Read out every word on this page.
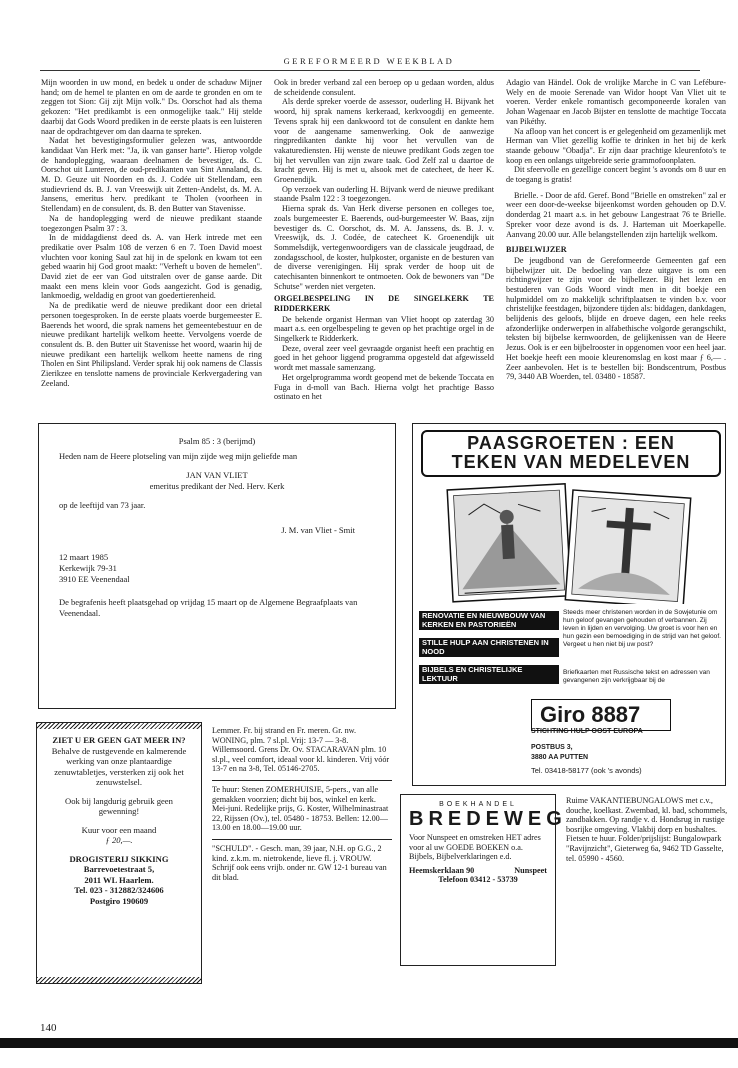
GEREFORMEERD WEEKBLAD

Mijn woorden in uw mond, en bedek u onder de schaduw Mijner hand; om de hemel te planten en om de aarde te gronden en om te zeggen tot Sion: Gij zijt Mijn volk." Ds. Oorschot had als thema gekozen: "Het predikambt is een onmogelijke taak." Hij stelde daarbij dat Gods Woord prediken in de eerste plaats is een luisteren naar de opdrachtgever om dan daarna te spreken.

Nadat het bevestigingsformulier gelezen was, antwoordde kandidaat Van Herk met: "Ja, ik van ganser harte". Hierop volgde de handoplegging, waaraan deelnamen de bevestiger, ds. C. Oorschot uit Lunteren, de oud-predikanten van Sint Annaland, ds. M. D. Geuze uit Noorden en ds. J. Codée uit Stellendam, een studievriend ds. B. J. van Vreeswijk uit Zetten-Andelst, ds. M. A. Jansens, emeritus herv. predikant te Tholen (voorheen in Stellendam) en de consulent, ds. B. den Butter van Stavenisse.

Na de handoplegging werd de nieuwe predikant staande toegezongen Psalm 37 : 3.

In de middagdienst deed ds. A. van Herk intrede met een predikatie over Psalm 108 de verzen 6 en 7. Toen David moest vluchten voor koning Saul zat hij in de spelonk en kwam tot een gebed waarin hij God groot maakt: "Verheft u boven de hemelen". David ziet de eer van God uitstralen over de ganse aarde. Dit maakt een mens klein voor Gods aangezicht. God is genadig, lankmoedig, weldadig en groot van goedertierenheid.

Na de predikatie werd de nieuwe predikant door een drietal personen toegesproken. In de eerste plaats voerde burgemeester E. Baerends het woord, die sprak namens het gemeentebestuur en de nieuwe predikant hartelijk welkom heette. Vervolgens voerde de consulent ds. B. den Butter uit Stavenisse het woord, waarin hij de nieuwe predikant een hartelijk welkom heette namens de ring Tholen en Sint Philipsland. Verder sprak hij ook namens de Classis Zierikzee en tenslotte namens de provinciale Kerkvergadering van Zeeland.

Ook in breder verband zal een beroep op u gedaan worden, aldus de scheidende consulent.

Als derde spreker voerde de assessor, ouderling H. Bijvank het woord, hij sprak namens kerkeraad, kerkvoogdij en gemeente. Tevens sprak hij een dankwoord tot de consulent en dankte hem voor de aangename samenwerking. Ook de aanwezige ringpredikanten dankte hij voor het vervullen van de vakaturediensten. Hij wenste de nieuwe predikant Gods zegen toe bij het vervullen van zijn zware taak. God Zelf zal u daartoe de kracht geven. Hij is met u, alsook met de catecheet, de heer K. Groenendijk.

Op verzoek van ouderling H. Bijvank werd de nieuwe predikant staande Psalm 122 : 3 toegezongen.

Hierna sprak ds. Van Herk diverse personen en colleges toe, zoals burgemeester E. Baerends, oud-burgemeester W. Baas, zijn bevestiger ds. C. Oorschot, ds. M. A. Janssens, ds. B. J. v. Vreeswijk, ds. J. Codée, de catecheet K. Groenendijk uit Sommelsdijk, vertegenwoordigers van de classicale jeugdraad, de zondagsschool, de koster, hulpkoster, organiste en de besturen van de diverse verenigingen. Hij sprak verder de hoop uit de catechisanten binnenkort te ontmoeten. Ook de bewoners van "De Schutse" werden niet vergeten.

ORGELBESPELING IN DE SINGELKERK TE RIDDERKERK

De bekende organist Herman van Vliet hoopt op zaterdag 30 maart a.s. een orgelbespeling te geven op het prachtige orgel in de Singelkerk te Ridderkerk.

Deze, overal zeer veel gevraagde organist heeft een prachtig en goed in het gehoor liggend programma opgesteld dat afgewisseld wordt met massale samenzang.

Het orgelprogramma wordt geopend met de bekende Toccata en Fuga in d-moll van Bach. Hierna volgt het prachtige Basso ostinato en het

Adagio van Händel. Ook de vrolijke Marche in C van Lefébure-Wely en de mooie Serenade van Widor hoopt Van Vliet uit te voeren. Verder enkele romantisch gecomponeerde koralen van Johan Wagenaar en Jacob Bijster en tenslotte de machtige Toccata van Pikéthy.

Na afloop van het concert is er gelegenheid om gezamenlijk met Herman van Vliet gezellig koffie te drinken in het bij de kerk staande gebouw "Obadja". Er zijn daar prachtige kleurenfoto's te koop en een onlangs uitgebreide serie grammofoonplaten.

Dit sfeervolle en gezellige concert begint 's avonds om 8 uur en de toegang is gratis!

Brielle. - Door de afd. Geref. Bond "Brielle en omstreken" zal er weer een door-de-weekse bijeenkomst worden gehouden op D.V. donderdag 21 maart a.s. in het gebouw Langestraat 76 te Brielle. Spreker voor deze avond is ds. J. Harteman uit Moerkapelle. Aanvang 20.00 uur. Alle belangstellenden zijn hartelijk welkom.

BIJBELWIJZER

De jeugdbond van de Gereformeerde Gemeenten gaf een bijbelwijzer uit. De bedoeling van deze uitgave is om een richtingwijzer te zijn voor de bijbellezer. Bij het lezen en bestuderen van Gods Woord vindt men in dit boekje een hulpmiddel om zo makkelijk schriftplaatsen te vinden b.v. voor christelijke feestdagen, bijzondere tijden als: biddagen, dankdagen, belijdenis des geloofs, blijde en droeve dagen, een hele reeks afzonderlijke onderwerpen in alfabethische volgorde gerangschikt, teksten bij bijbelse kernwoorden, de gelijkenissen van de Heere Jezus. Ook is er een bijbelrooster in opgenomen voor een heel jaar. Het boekje heeft een mooie kleurenomslag en kost maar ƒ 6,— . Zeer aanbevolen. Het is te bestellen bij: Bondscentrum, Postbus 79, 3440 AB Woerden, tel. 03480 - 18587.

Psalm 85 : 3 (berijmd)
Heden nam de Heere plotseling van mijn zijde weg mijn geliefde man
JAN VAN VLIET
emeritus predikant der Ned. Herv. Kerk
op de leeftijd van 73 jaar.
J. M. van Vliet - Smit
12 maart 1985
Kerkewijk 79-31
3910 EE Veenendaal
De begrafenis heeft plaatsgehad op vrijdag 15 maart op de Algemene Begraafplaats van Veenendaal.
PAASGROETEN : EEN
TEKEN VAN MEDELEVEN
RENOVATIE EN NIEUWBOUW VAN KERKEN EN PASTORIEËN
STILLE HULP AAN CHRISTENEN IN NOOD
BIJBELS EN CHRISTELIJKE LEKTUUR
Steeds meer christenen worden in de Sowjetunie om hun geloof gevangen gehouden of verbannen. Zij leven in lijden en vervolging. Uw groet is voor hen en hun gezin een bemoediging in de strijd van het geloof. Vergeet u hen niet bij uw post?
Briefkaarten met Russische tekst en adressen van gevangenen zijn verkrijgbaar bij de
Giro 8887
STICHTING HULP OOST EUROPA
POSTBUS 3,
3880 AA PUTTEN
Tel. 03418-58177 (ook 's avonds)
ZIET U ER GEEN GAT MEER IN?
Behalve de rustgevende en kalmerende werking van onze plantaardige zenuwtabletjes, versterken zij ook het zenuwstelsel.
Ook bij langdurig gebruik geen gewenning!
Kuur voor een maand
ƒ 20,—.
DROGISTERIJ SIKKING
Barrevoetestraat 5,
2011 WL Haarlem.
Tel. 023 - 312882/324606
Postgiro 190609
Lemmer. Fr. bij strand en Fr. meren. Gr. nw. WONING, plm. 7 sl.pl. Vrij: 13-7 — 3-8.
Willemsoord. Grens Dr. Ov. STACARAVAN plm. 10 sl.pl., veel comfort, ideaal voor kl. kinderen. Vrij vóór 13-7 en na 3-8, Tel. 05146-2705.
Te huur: Stenen ZOMERHUISJE, 5-pers., van alle gemakken voorzien; dicht bij bos, winkel en kerk. Mei-juni. Redelijke prijs, G. Koster, Wilhelminastraat 22, Rijssen (Ov.), tel. 05480 - 18753. Bellen: 12.00—13.00 en 18.00—19.00 uur.
"SCHULD". - Gesch. man, 39 jaar, N.H. op G.G., 2 kind. z.k.m. m. nietrokende, lieve fl. j. VROUW. Schrijf ook eens vrijb. onder nr. GW 12-1 bureau van dit blad.
BOEKHANDEL
BREDEWEG
Voor Nunspeet en omstreken HET adres voor al uw GOEDE BOEKEN o.a. Bijbels, Bijbelverklaringen e.d.
Heemskerklaan 90	Nunspeet
Telefoon 03412 - 53739
Ruime VAKANTIEBUNGALOWS met c.v., douche, koelkast. Zwembad, kl. bad, schommels, zandbakken. Op randje v. d. Hondsrug in rustige bosrijke omgeving. Vlakbij dorp en bushaltes. Fietsen te huur. Folder/prijslijst: Bungalowpark "Ravijnzicht", Gieterweg 6a, 9462 TD Gasselte, tel. 05990 - 4560.
140
